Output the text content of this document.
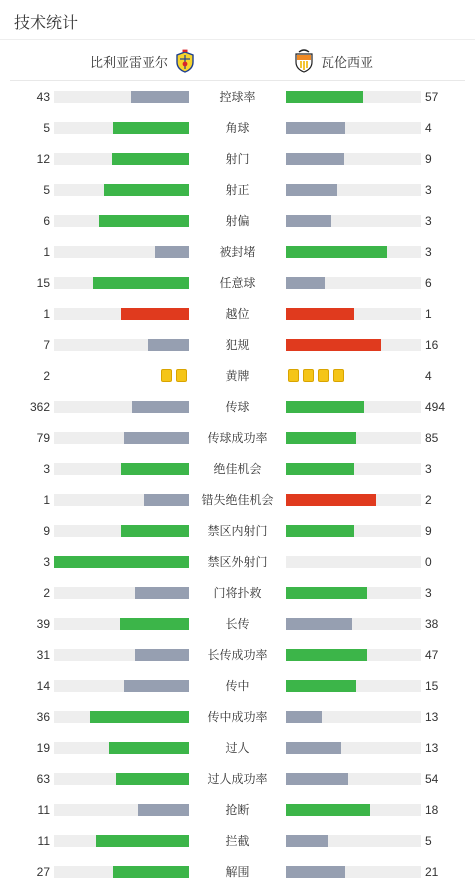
技术统计
比利亚雷亚尔	瓦伦西亚
43	控球率	57
5	角球	4
12	射门	9
5	射正	3
6	射偏	3
1	被封堵	3
15	任意球	6
1	越位	1
7	犯规	16
2	黄牌	4
362	传球	494
79	传球成功率	85
3	绝佳机会	3
1	错失绝佳机会	2
9	禁区内射门	9
3	禁区外射门	0
2	门将扑救	3
39	长传	38
31	长传成功率	47
14	传中	15
36	传中成功率	13
19	过人	13
63	过人成功率	54
11	抢断	18
11	拦截	5
27	解围	21
